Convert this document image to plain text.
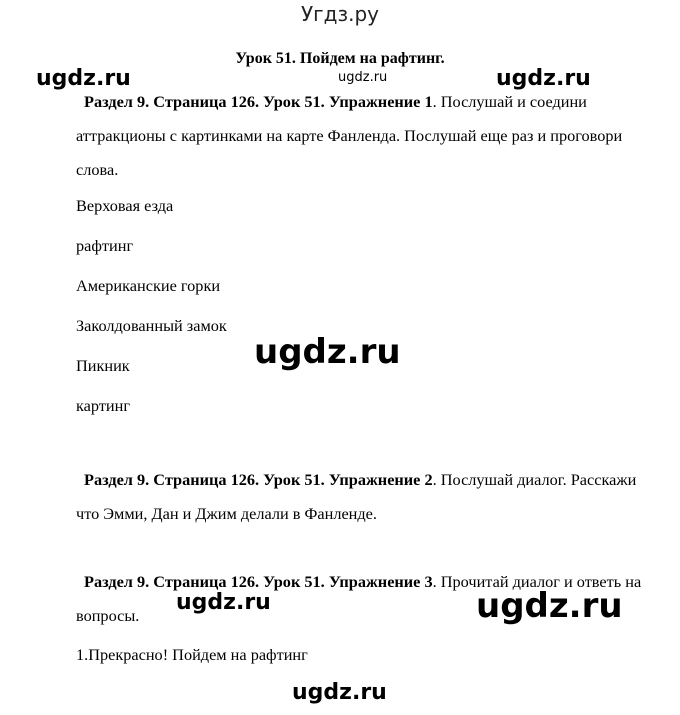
Угдз.ру
Урок 51. Пойдем на рафтинг.
Раздел 9. Страница 126. Урок 51. Упражнение 1. Послушай и соедини аттракционы с картинками на карте Фанленда. Послушай еще раз и проговори слова.
Верховая езда
рафтинг
Американские горки
Заколдованный замок
Пикник
картинг
Раздел 9. Страница 126. Урок 51. Упражнение 2. Послушай диалог. Расскажи что Эмми, Дан и Джим делали в Фанленде.
Раздел 9. Страница 126. Урок 51. Упражнение 3. Прочитай диалог и ответь на вопросы.
1.Прекрасно! Пойдем на рафтинг
ugdz.ru	ugdz.ru	ugdz.ru
ugdz.ru
ugdz.ru	ugdz.ru
ugdz.ru
